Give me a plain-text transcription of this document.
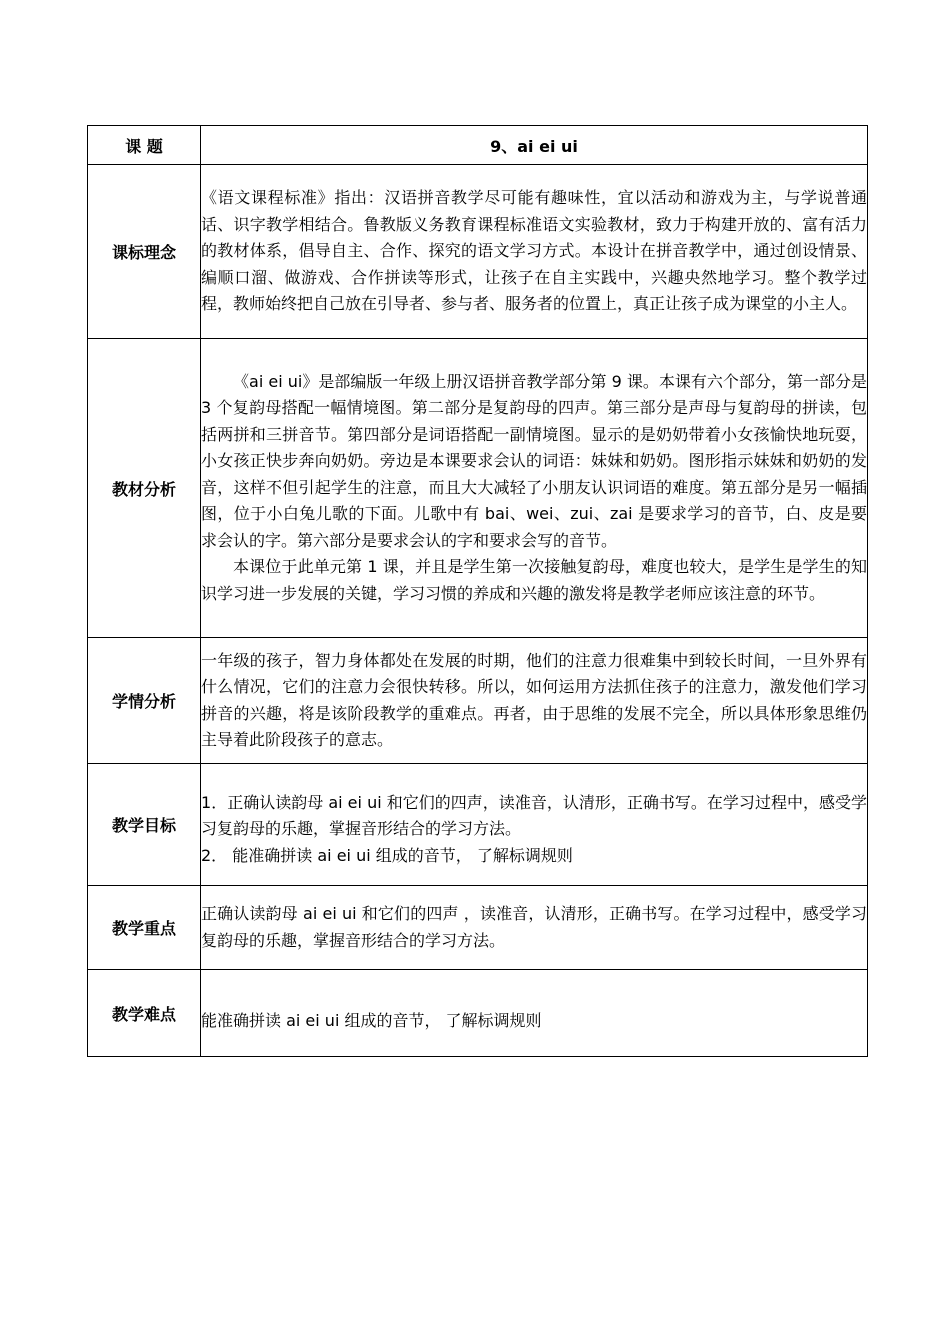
课 题	9、ai ei ui
课标理念	《语文课程标准》指出：汉语拼音教学尽可能有趣味性，宜以活动和游戏为主，与学说普通话、识字教学相结合。鲁教版义务教育课程标准语文实验教材，致力于构建开放的、富有活力的教材体系，倡导自主、合作、探究的语文学习方式。本设计在拼音教学中，通过创设情景、编顺口溜、做游戏、合作拼读等形式，让孩子在自主实践中，兴趣央然地学习。整个教学过程，教师始终把自己放在引导者、参与者、服务者的位置上，真正让孩子成为课堂的小主人。

教材分析	《ai ei ui》是部编版一年级上册汉语拼音教学部分第 9 课。本课有六个部分，第一部分是 3 个复韵母搭配一幅情境图。第二部分是复韵母的四声。第三部分是声母与复韵母的拼读，包括两拼和三拼音节。第四部分是词语搭配一副情境图。显示的是奶奶带着小女孩愉快地玩耍，小女孩正快步奔向奶奶。旁边是本课要求会认的词语：妹妹和奶奶。图形指示妹妹和奶奶的发音，这样不但引起学生的注意，而且大大减轻了小朋友认识词语的难度。第五部分是另一幅插图，位于小白兔儿歌的下面。儿歌中有 bai、wei、zui、zai 是要求学习的音节，白、皮是要求会认的字。第六部分是要求会认的字和要求会写的音节。

本课位于此单元第 1 课，并且是学生第一次接触复韵母，难度也较大，是学生是学生的知识学习进一步发展的关键，学习习惯的养成和兴趣的激发将是教学老师应该注意的环节。

学情分析	一年级的孩子，智力身体都处在发展的时期，他们的注意力很难集中到较长时间，一旦外界有什么情况，它们的注意力会很快转移。所以，如何运用方法抓住孩子的注意力，激发他们学习拼音的兴趣，将是该阶段教学的重难点。再者，由于思维的发展不完全，所以具体形象思维仍主导着此阶段孩子的意志。

教学目标	1．正确认读韵母 ai ei ui 和它们的四声，读准音，认清形，正确书写。在学习过程中，感受学习复韵母的乐趣，掌握音形结合的学习方法。

2． 能准确拼读 ai ei ui 组成的音节， 了解标调规则

教学重点	正确认读韵母 ai ei ui 和它们的四声 ，读准音，认清形，正确书写。在学习过程中，感受学习复韵母的乐趣，掌握音形结合的学习方法。

教学难点	能准确拼读 ai ei ui 组成的音节， 了解标调规则
